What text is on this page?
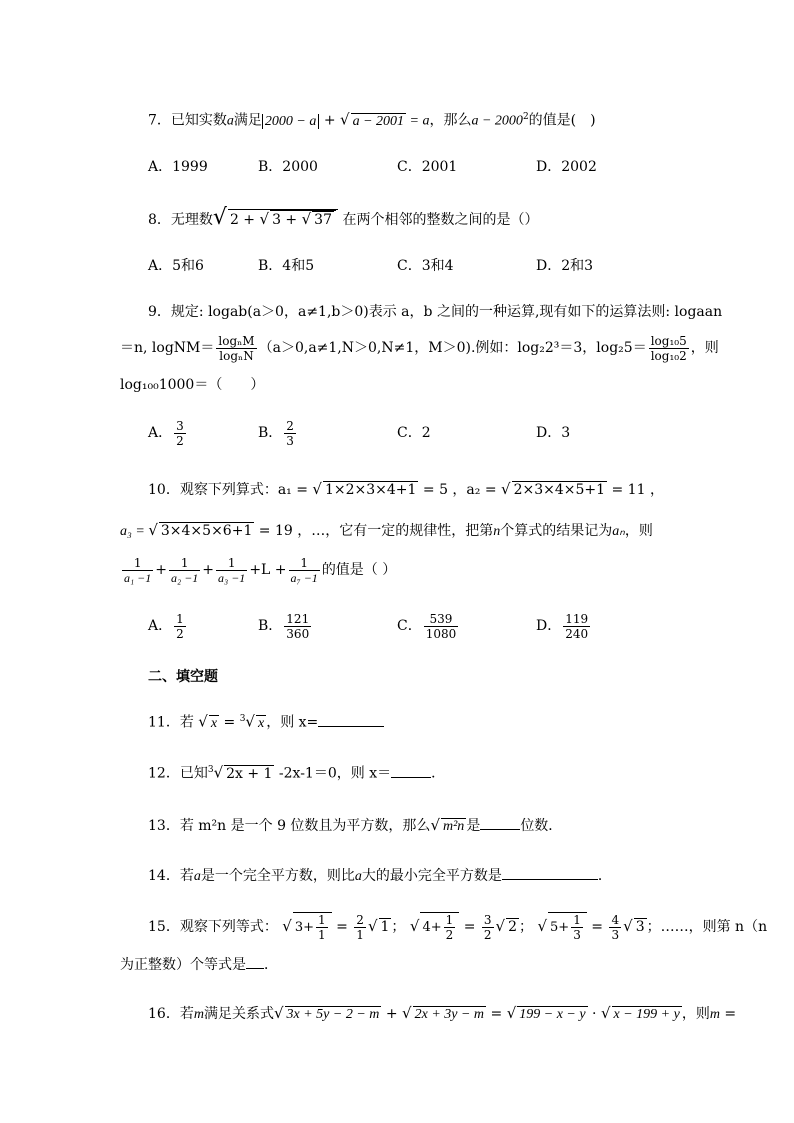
7．已知实数a满足 2000 − a + √ a − 2001 = a，那么$a - 2000^2$的值是(　)
A．1999	B．2000	C．2001	D．2002
8．无理数√ 2 + √ 3 + √ 37 在两个相邻的整数之间的是（）
A．5和6	B．4和5	C．3和4	D．2和3
9．规定: logab(a＞0，a≠1,b＞0)表示 a，b 之间的一种运算,现有如下的运算法则: logaan
＝n, logNM＝ $\frac{\text{logₙM}}{\text{logₙN}} (a>0,a\ne 1,N>0,N\ne 1$，M＞0).例如：log₂2³＝3，$\log_25= \frac{\text{log₁₀5}}{\text{log₁₀2}}$ ，则
log₁₀₀1000＝（　　）
A． $\frac{3}{2}$	B． $\frac{2}{3}$	C．2	D．3
10．观察下列算式：a₁ = √ 1×2×3×4+1 = 5 ，a₂ = √ 2×3×4×5+1 = 11 ，
a₃ = √ 3×4×5×6+1 = 19 ，…，它有一定的规律性，把第n个算式的结果记为aₙ，则
$\frac{1}{\text{a₁ −1}} + \frac{1}{\text{a₂ −1}} + \frac{1}{\text{a₃ −1}} +L + \frac{1}{\text{a₇ −1}}$ 的值是（ ）
A． $\frac{1}{2}$	B． $\frac{121}{360}$	C． $\frac{539}{1080}$	D． $\frac{119}{240}$
二、填空题
11．若 √ x = $^3$√ x ，则 x=
12．已知$^3$√ 2x + 1 -2x-1＝0，则 x＝	．
13．若 m²n 是一个 9 位数且为平方数，那么√ m²n 是	位数．
14．若a是一个完全平方数，则比a大的最小完全平方数是	．
15．观察下列等式： √ $3+ \frac{1}{1} = \frac{2}{1}$ √ 1 ； √ $4+ \frac{1}{2} = \frac{3}{2}$ √ 2 ； √ $5+ \frac{1}{3} = \frac{4}{3}$ √ 3 ；……，则第 n（n
为正整数）个等式是 ．
16．若m满足关系式√ 3x + 5y − 2 − m + √ 2x + 3y − m = √ 199 − x − y · √ x − 199 + y ，则m =
